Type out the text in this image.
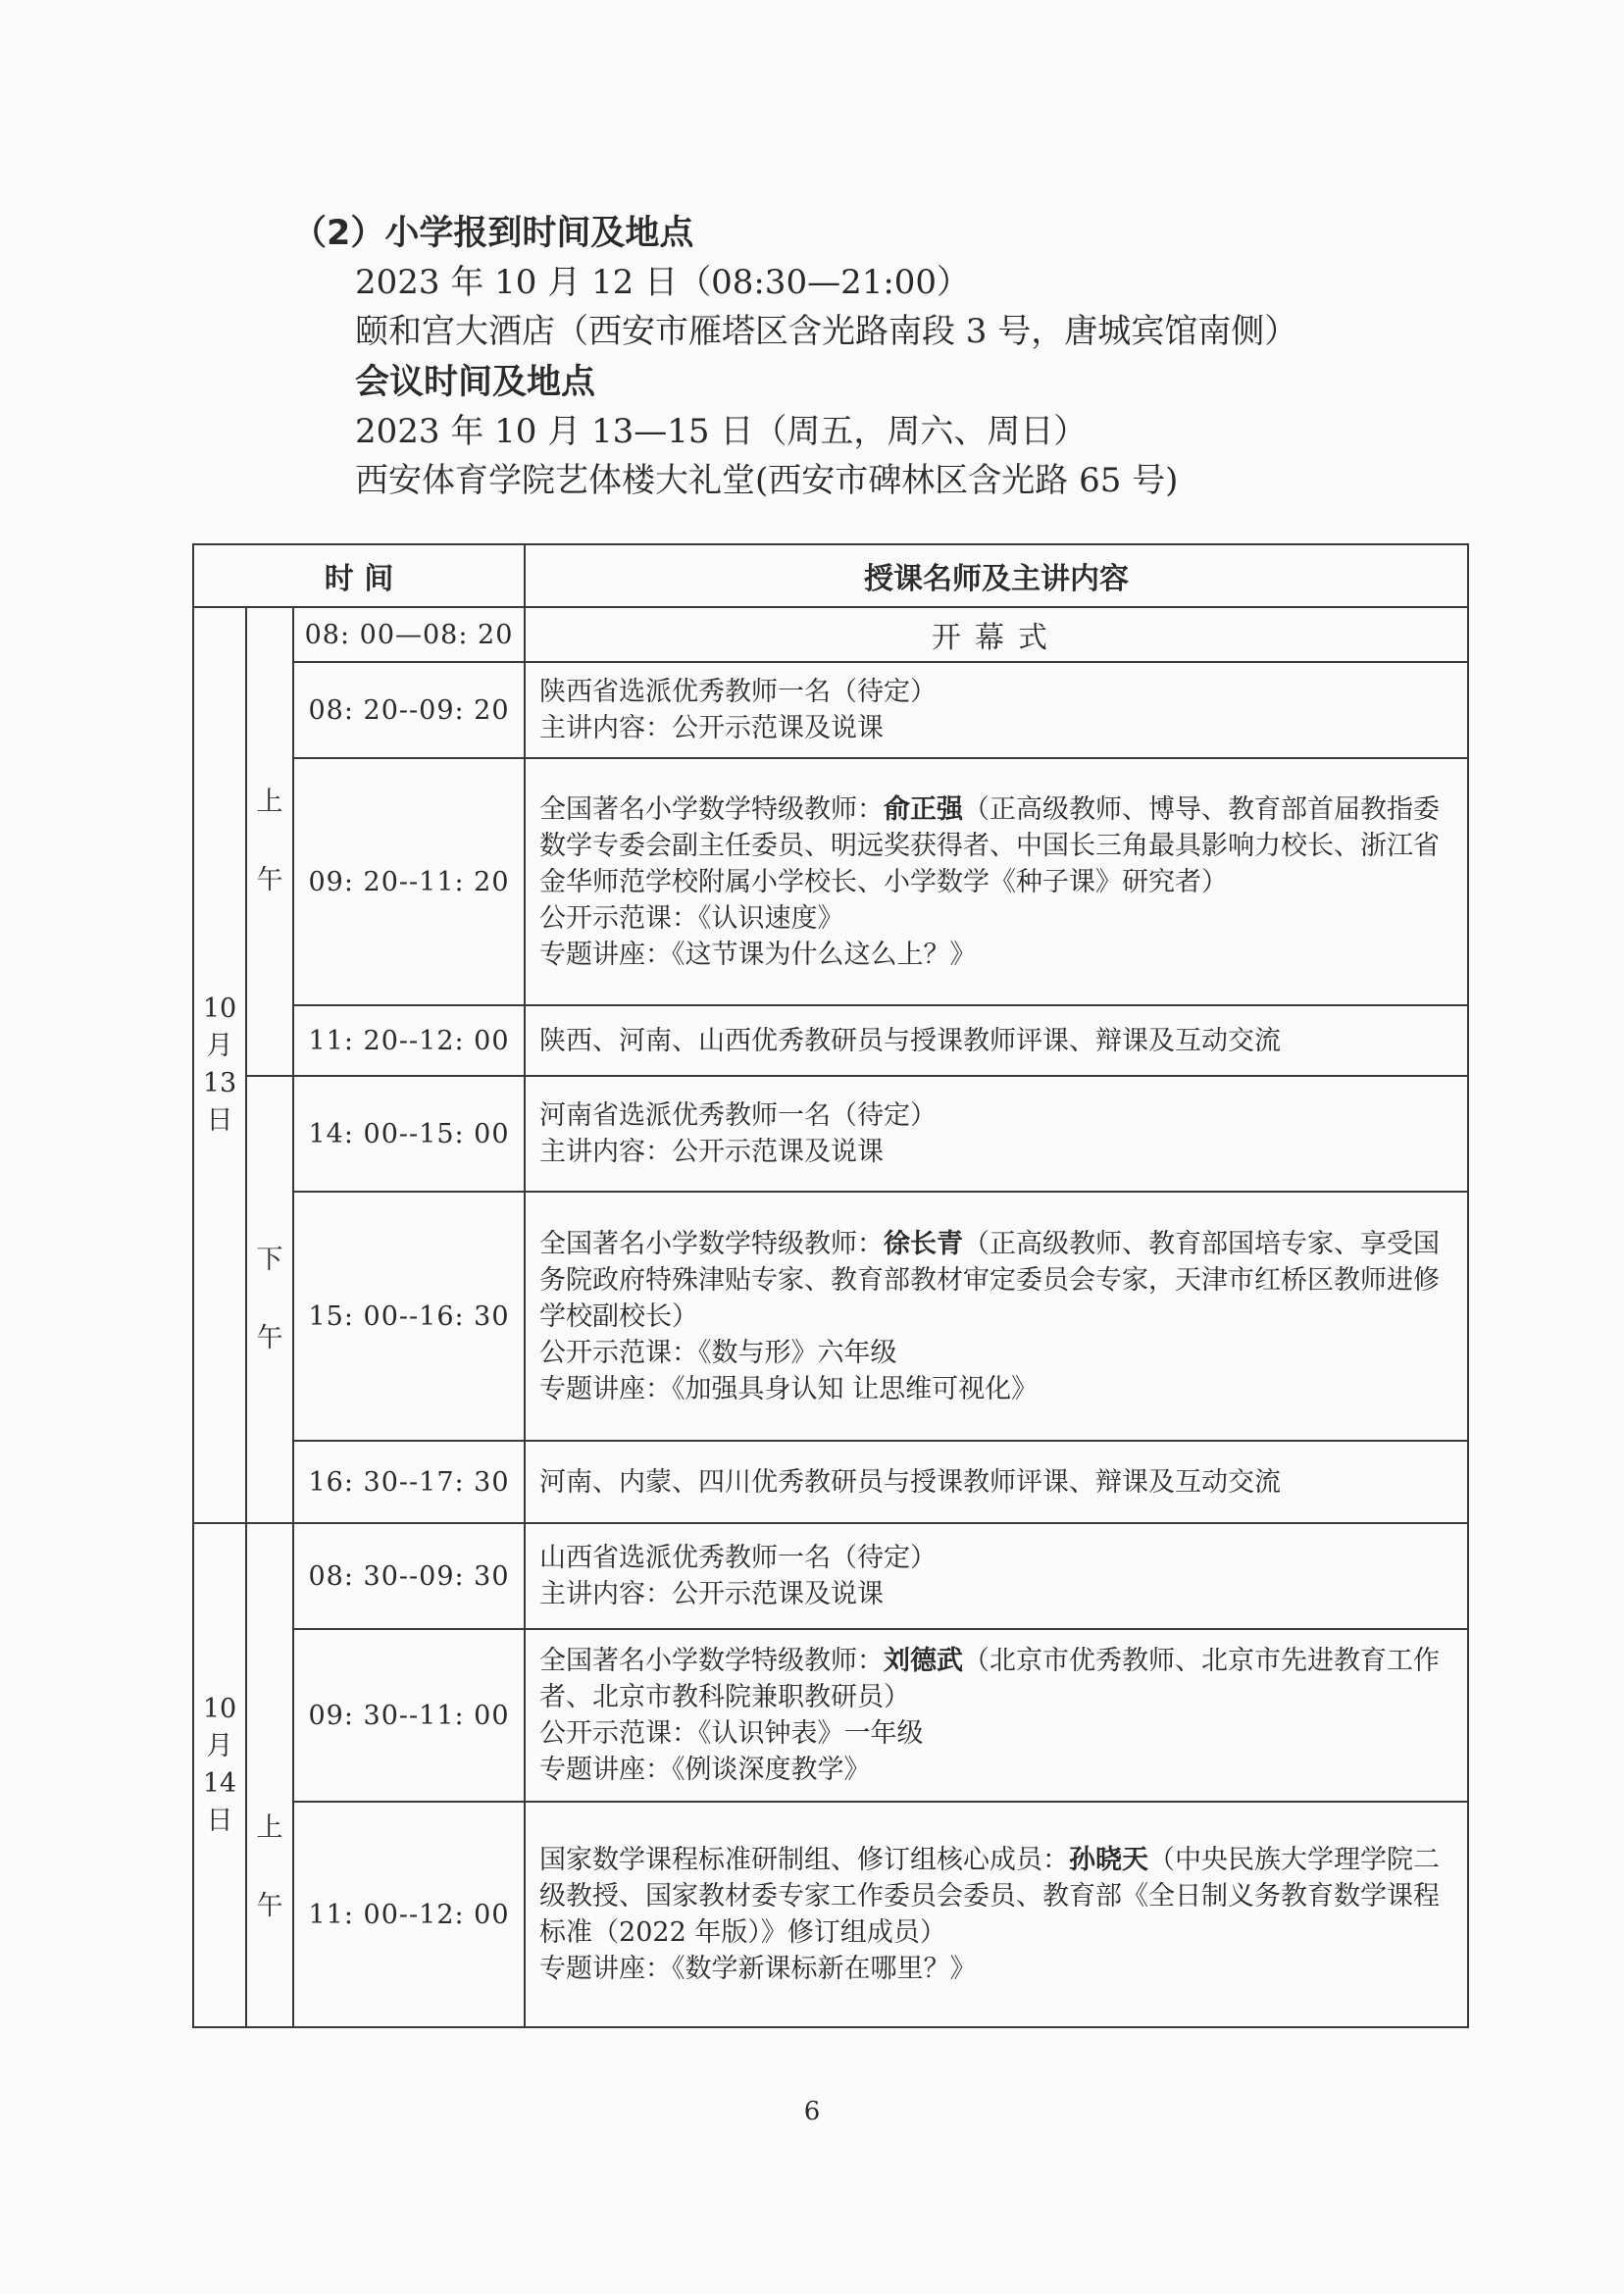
（2）小学报到时间及地点
2023 年 10 月 12 日（08:30—21:00）
颐和宫大酒店（西安市雁塔区含光路南段 3 号，唐城宾馆南侧）
会议时间及地点
2023 年 10 月 13—15 日（周五，周六、周日）
西安体育学院艺体楼大礼堂(西安市碑林区含光路 65 号)
时 间			授课名师及主讲内容
10月13日	上午	08: 00—08: 20	开幕式
		08: 20--09: 20	陕西省选派优秀教师一名（待定）
主讲内容：公开示范课及说课

		09: 20--11: 20	全国著名小学数学特级教师：俞正强（正高级教师、博导、教育部首届教指委数学专委会副主任委员、明远奖获得者、中国长三角最具影响力校长、浙江省金华师范学校附属小学校长、小学数学《种子课》研究者）
公开示范课：《认识速度》
专题讲座：《这节课为什么这么上？》

		11: 20--12: 00	陕西、河南、山西优秀教研员与授课教师评课、辩课及互动交流

	下午	14: 00--15: 00	河南省选派优秀教师一名（待定）
主讲内容：公开示范课及说课

		15: 00--16: 30	全国著名小学数学特级教师：徐长青（正高级教师、教育部国培专家、享受国务院政府特殊津贴专家、教育部教材审定委员会专家，天津市红桥区教师进修学校副校长）
公开示范课：《数与形》六年级
专题讲座：《加强具身认知 让思维可视化》

		16: 30--17: 30	河南、内蒙、四川优秀教研员与授课教师评课、辩课及互动交流

10月14日	上午	08: 30--09: 30	山西省选派优秀教师一名（待定）
主讲内容：公开示范课及说课

		09: 30--11: 00	全国著名小学数学特级教师：刘德武（北京市优秀教师、北京市先进教育工作者、北京市教科院兼职教研员）
公开示范课：《认识钟表》一年级
专题讲座：《例谈深度教学》

		11: 00--12: 00	国家数学课程标准研制组、修订组核心成员：孙晓天（中央民族大学理学院二级教授、国家教材委专家工作委员会委员、教育部《全日制义务教育数学课程标准（2022 年版）》修订组成员）
专题讲座：《数学新课标新在哪里？》
6
